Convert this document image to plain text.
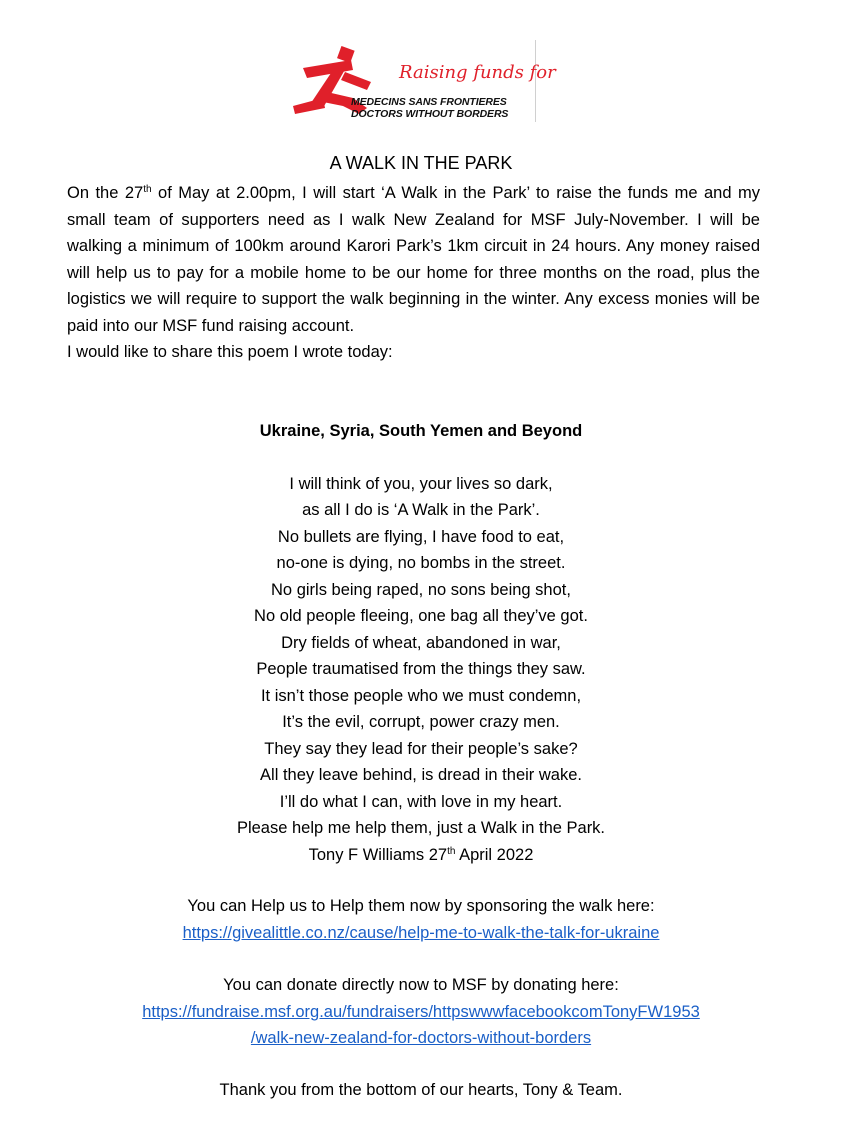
Raising funds for
MEDECINS SANS FRONTIERES
DOCTORS WITHOUT BORDERS
A WALK IN THE PARK

On the 27th of May at 2.00pm, I will start ‘A Walk in the Park’ to raise the funds me and my small team of supporters need as I walk New Zealand for MSF July-November. I will be walking a minimum of 100km around Karori Park’s 1km circuit in 24 hours. Any money raised will help us to pay for a mobile home to be our home for three months on the road, plus the logistics we will require to support the walk beginning in the winter. Any excess monies will be paid into our MSF fund raising account.

I would like to share this poem I wrote today:

Ukraine, Syria, South Yemen and Beyond
I will think of you, your lives so dark,
as all I do is ‘A Walk in the Park’.
No bullets are flying, I have food to eat,
no-one is dying, no bombs in the street.
No girls being raped, no sons being shot,
No old people fleeing, one bag all they’ve got.
Dry fields of wheat, abandoned in war,
People traumatised from the things they saw.
It isn’t those people who we must condemn,
It’s the evil, corrupt, power crazy men.
They say they lead for their people’s sake?
All they leave behind, is dread in their wake.
I’ll do what I can, with love in my heart.
Please help me help them, just a Walk in the Park.
Tony F Williams 27th April 2022
You can Help us to Help them now by sponsoring the walk here:
https://givealittle.co.nz/cause/help-me-to-walk-the-talk-for-ukraine
You can donate directly now to MSF by donating here:
https://fundraise.msf.org.au/fundraisers/httpswwwfacebookcomTonyFW1953
/walk-new-zealand-for-doctors-without-borders
Thank you from the bottom of our hearts, Tony & Team.
